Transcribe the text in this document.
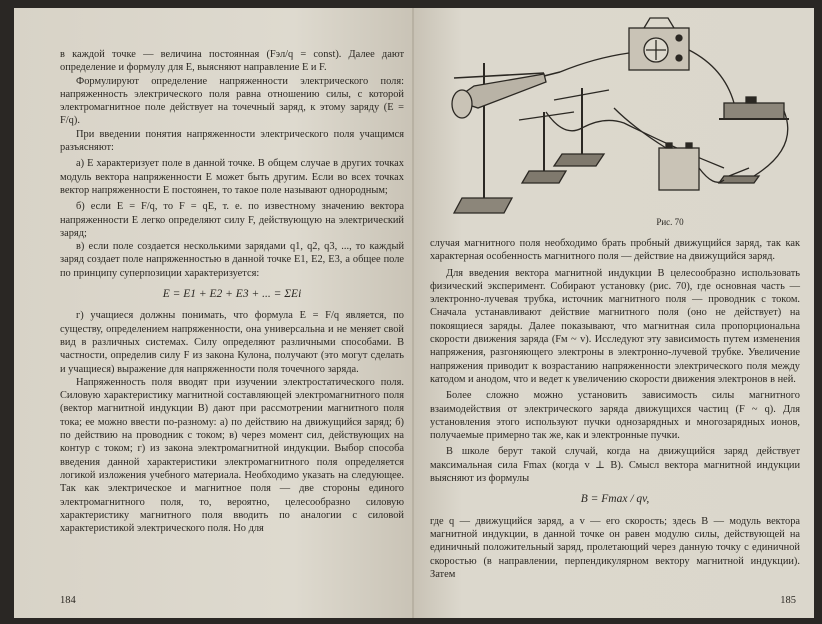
в каждой точке — величина постоянная (Fэл/q = const). Далее дают определение и формулу для E, выясняют направление E и F.

Формулируют определение напряженности электрического поля: напряженность электрического поля равна отношению силы, с которой электромагнитное поле действует на точечный заряд, к этому заряду (E = F/q).

При введении понятия напряженности электрического поля учащимся разъясняют:

а) E характеризует поле в данной точке. В общем случае в других точках модуль вектора напряженности E может быть другим. Если во всех точках вектор напряженности E постоянен, то такое поле называют однородным;

б) если E = F/q, то F = qE, т. е. по известному значению вектора напряженности E легко определяют силу F, действующую на электрический заряд;

в) если поле создается несколькими зарядами q1, q2, q3, ..., то каждый заряд создает поле напряженностью в данной точке E1, E2, E3, а общее поле по принципу суперпозиции характеризуется:

E = E1 + E2 + E3 + ... = ΣEi

г) учащиеся должны понимать, что формула E = F/q является, по существу, определением напряженности, она универсальна и не меняет свой вид в различных системах. Силу определяют различными способами. В частности, определив силу F из закона Кулона, получают (это могут сделать и учащиеся) выражение для напряженности поля точечного заряда.

Напряженность поля вводят при изучении электростатического поля. Силовую характеристику магнитной составляющей электромагнитного поля (вектор магнитной индукции B) дают при рассмотрении магнитного поля тока; ее можно ввести по-разному: а) по действию на движущийся заряд; б) по действию на проводник с током; в) через момент сил, действующих на контур с током; г) из закона электромагнитной индукции. Выбор способа введения данной характеристики электромагнитного поля определяется логикой изложения учебного материала. Необходимо указать на следующее. Так как электрическое и магнитное поля — две стороны единого электромагнитного поля, то, вероятно, целесообразно силовую характеристику магнитного поля вводить по аналогии с силовой характеристикой электрического поля. Но для

184
Рис. 70

случая магнитного поля необходимо брать пробный движущийся заряд, так как характерная особенность магнитного поля — действие на движущийся заряд.

Для введения вектора магнитной индукции B целесообразно использовать физический эксперимент. Собирают установку (рис. 70), где основная часть — электронно-лучевая трубка, источник магнитного поля — проводник с током. Сначала устанавливают действие магнитного поля (оно не действует) на покоящиеся заряды. Далее показывают, что магнитная сила пропорциональна скорости движения заряда (Fм ~ v). Исследуют эту зависимость путем изменения напряжения, разгоняющего электроны в электронно-лучевой трубке. Увеличение напряжения приводит к возрастанию напряженности электрического поля между катодом и анодом, что и ведет к увеличению скорости движения электронов в ней.

Более сложно можно установить зависимость силы магнитного взаимодействия от электрического заряда движущихся частиц (F ~ q). Для установления этого используют пучки однозарядных и многозарядных ионов, получаемые примерно так же, как и электронные пучки.

В школе берут такой случай, когда на движущийся заряд действует максимальная сила Fmax (когда v ⊥ B). Смысл вектора магнитной индукции выясняют из формулы

B = Fmax / qv,

где q — движущийся заряд, а v — его скорость; здесь B — модуль вектора магнитной индукции, в данной точке он равен модулю силы, действующей на единичный положительный заряд, пролетающий через данную точку с единичной скоростью (в направлении, перпендикулярном вектору магнитной индукции). Затем

185
